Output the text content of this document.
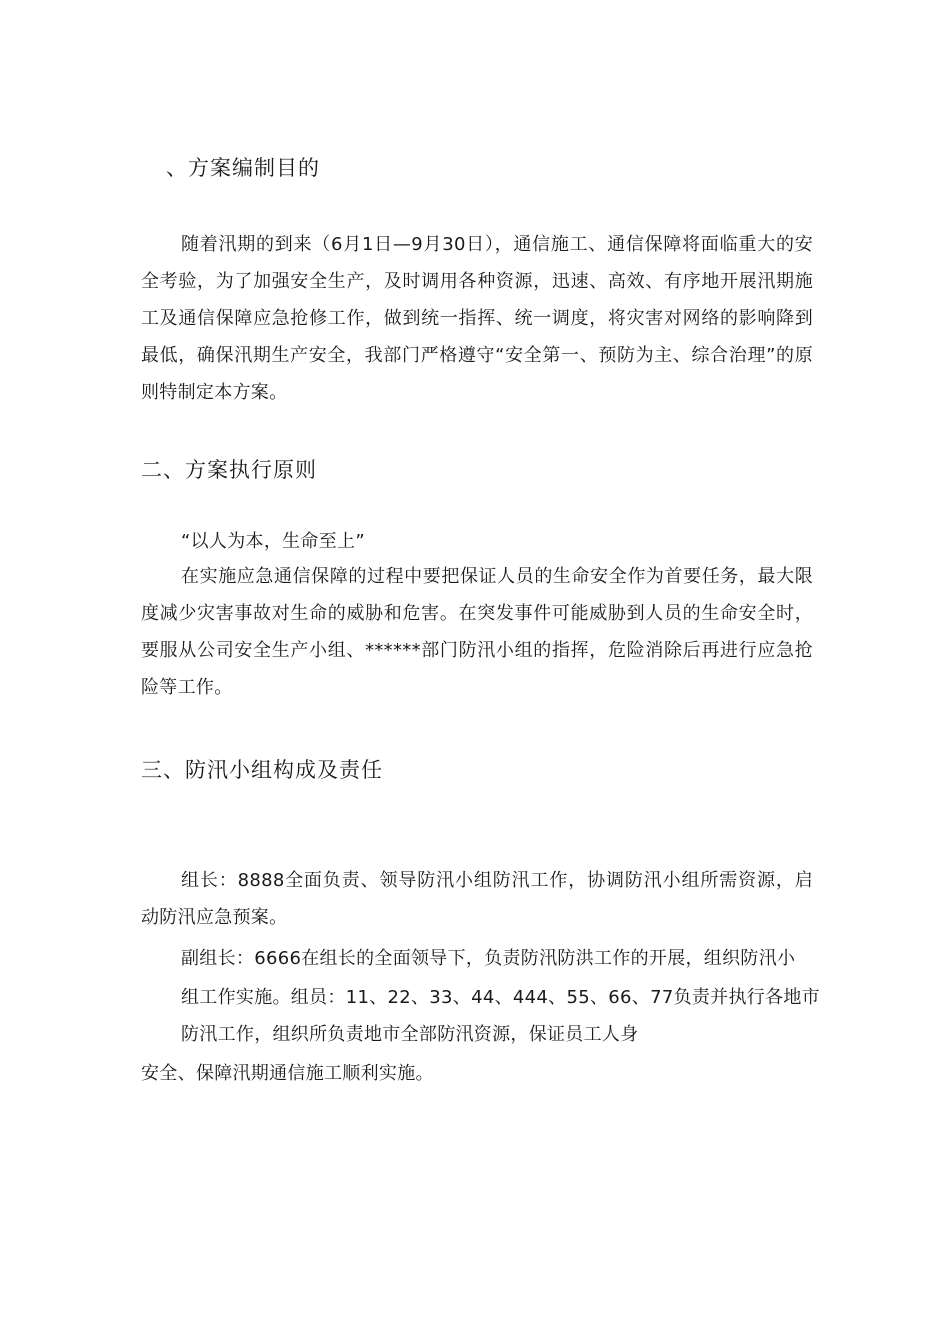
、方案编制目的
随着汛期的到来（6月1日—9月30日），通信施工、通信保障将面临重大的安全考验，为了加强安全生产，及时调用各种资源，迅速、高效、有序地开展汛期施工及通信保障应急抢修工作，做到统一指挥、统一调度，将灾害对网络的影响降到最低，确保汛期生产安全，我部门严格遵守“安全第一、预防为主、综合治理”的原则特制定本方案。
二、方案执行原则
“以人为本，生命至上”
在实施应急通信保障的过程中要把保证人员的生命安全作为首要任务，最大限度减少灾害事故对生命的威胁和危害。在突发事件可能威胁到人员的生命安全时，要服从公司安全生产小组、******部门防汛小组的指挥，危险消除后再进行应急抢险等工作。
三、防汛小组构成及责任
组长：8888全面负责、领导防汛小组防汛工作，协调防汛小组所需资源，启动防汛应急预案。
副组长：6666在组长的全面领导下，负责防汛防洪工作的开展，组织防汛小
组工作实施。组员：11、22、33、44、444、55、66、77负责并执行各地市
防汛工作，组织所负责地市全部防汛资源，保证员工人身
安全、保障汛期通信施工顺利实施。
